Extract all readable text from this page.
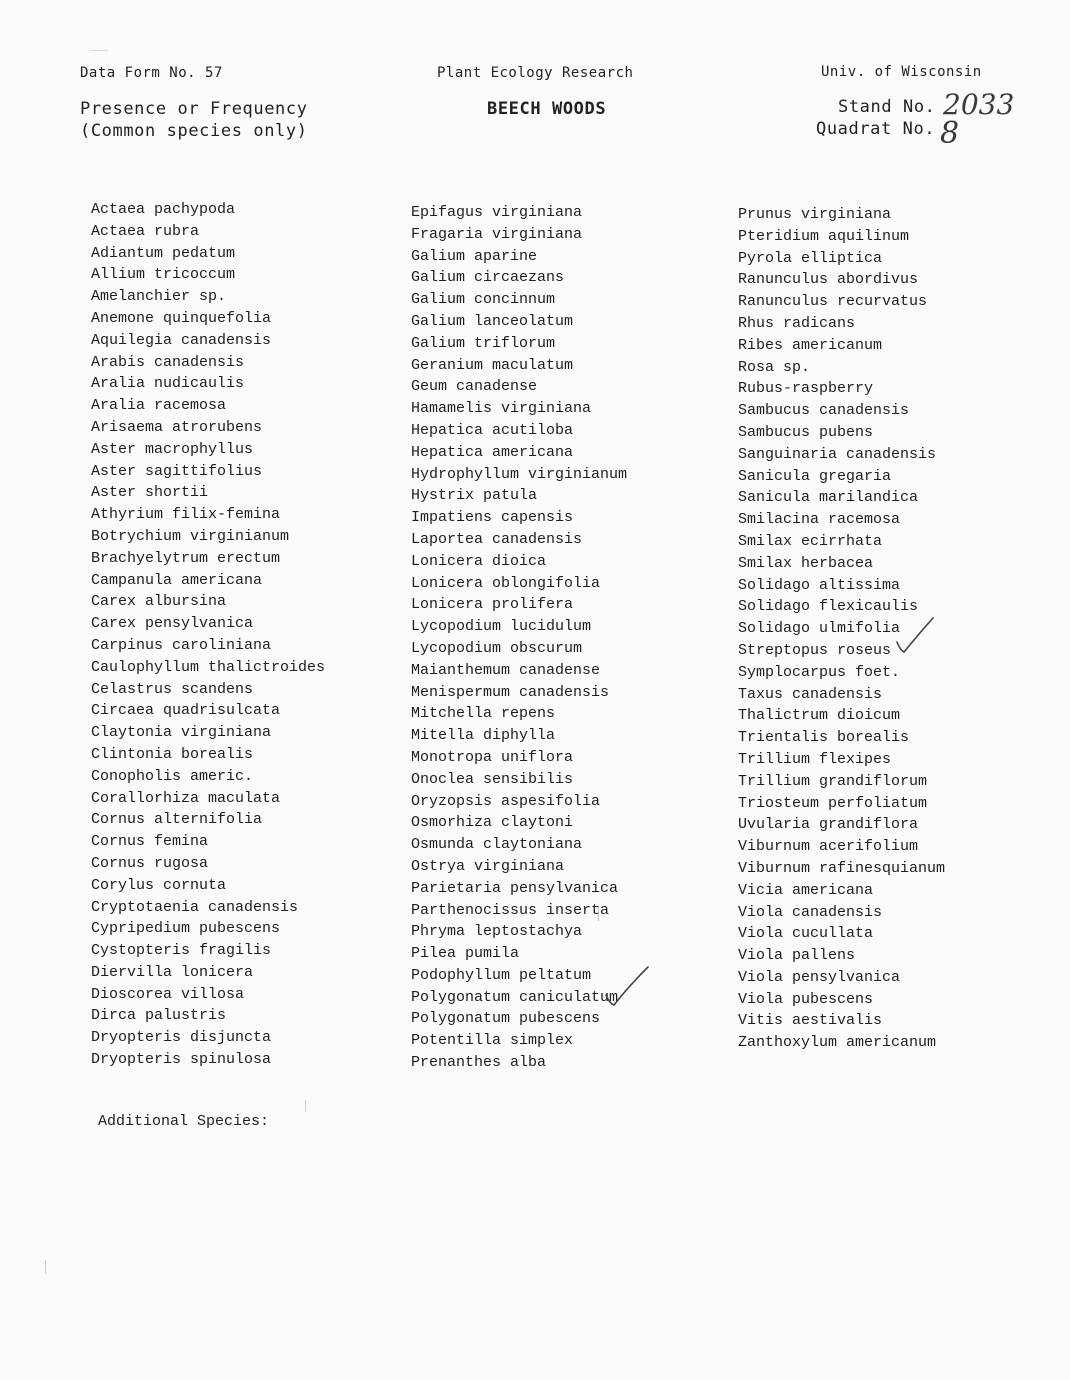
Data Form No. 57	Plant Ecology Research	Univ. of Wisconsin
Presence or Frequency
(Common species only)
BEECH WOODS	Stand No. 2033
Quadrat No. 8
Actaea pachypoda
Actaea rubra
Adiantum pedatum
Allium tricoccum
Amelanchier sp.
Anemone quinquefolia
Aquilegia canadensis
Arabis canadensis
Aralia nudicaulis
Aralia racemosa
Arisaema atrorubens
Aster macrophyllus
Aster sagittifolius
Aster shortii
Athyrium filix-femina
Botrychium virginianum
Brachyelytrum erectum
Campanula americana
Carex albursina
Carex pensylvanica
Carpinus caroliniana
Caulophyllum thalictroides
Celastrus scandens
Circaea quadrisulcata
Claytonia virginiana
Clintonia borealis
Conopholis americ.
Corallorhiza maculata
Cornus alternifolia
Cornus femina
Cornus rugosa
Corylus cornuta
Cryptotaenia canadensis
Cypripedium pubescens
Cystopteris fragilis
Diervilla lonicera
Dioscorea villosa
Dirca palustris
Dryopteris disjuncta
Dryopteris spinulosa
Epifagus virginiana
Fragaria virginiana
Galium aparine
Galium circaezans
Galium concinnum
Galium lanceolatum
Galium triflorum
Geranium maculatum
Geum canadense
Hamamelis virginiana
Hepatica acutiloba
Hepatica americana
Hydrophyllum virginianum
Hystrix patula
Impatiens capensis
Laportea canadensis
Lonicera dioica
Lonicera oblongifolia
Lonicera prolifera
Lycopodium lucidulum
Lycopodium obscurum
Maianthemum canadense
Menispermum canadensis
Mitchella repens
Mitella diphylla
Monotropa uniflora
Onoclea sensibilis
Oryzopsis aspesifolia
Osmorhiza claytoni
Osmunda claytoniana
Ostrya virginiana
Parietaria pensylvanica
Parthenocissus inserta
Phryma leptostachya
Pilea pumila
Podophyllum peltatum
Polygonatum caniculatum
Polygonatum pubescens
Potentilla simplex
Prenanthes alba
Prunus virginiana
Pteridium aquilinum
Pyrola elliptica
Ranunculus abordivus
Ranunculus recurvatus
Rhus radicans
Ribes americanum
Rosa sp.
Rubus-raspberry
Sambucus canadensis
Sambucus pubens
Sanguinaria canadensis
Sanicula gregaria
Sanicula marilandica
Smilacina racemosa
Smilax ecirrhata
Smilax herbacea
Solidago altissima
Solidago flexicaulis
Solidago ulmifolia
Streptopus roseus
Symplocarpus foet.
Taxus canadensis
Thalictrum dioicum
Trientalis borealis
Trillium flexipes
Trillium grandiflorum
Triosteum perfoliatum
Uvularia grandiflora
Viburnum acerifolium
Viburnum rafinesquianum
Vicia americana
Viola canadensis
Viola cucullata
Viola pallens
Viola pensylvanica
Viola pubescens
Vitis aestivalis
Zanthoxylum americanum
Additional Species:
